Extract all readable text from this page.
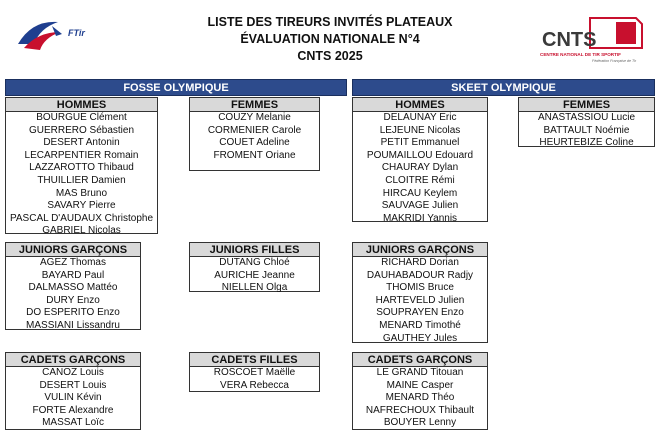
FTir	CNTS
CENTRE NATIONAL DE TIR SPORTIF
Fédération Française de Tir
LISTE DES TIREURS INVITÉS PLATEAUX
ÉVALUATION NATIONALE N°4
CNTS 2025
FOSSE OLYMPIQUE	SKEET OLYMPIQUE
HOMMES
BOURGUE Clément
GUERRERO Sébastien
DESERT Antonin
LECARPENTIER Romain
LAZZAROTTO Thibaud
THUILLIER Damien
MAS Bruno
SAVARY Pierre
PASCAL D'AUDAUX Christophe
GABRIEL Nicolas
FEMMES
COUZY Melanie
CORMENIER Carole
COUET Adeline
FROMENT Oriane
HOMMES
DELAUNAY Eric
LEJEUNE Nicolas
PETIT Emmanuel
POUMAILLOU Edouard
CHAURAY Dylan
CLOITRE Rémi
HIRCAU Keylem
SAUVAGE Julien
MAKRIDI Yannis
FEMMES
ANASTASSIOU Lucie
BATTAULT Noémie
HEURTEBIZE Coline
JUNIORS GARÇONS
AGEZ Thomas
BAYARD Paul
DALMASSO Mattéo
DURY Enzo
DO ESPERITO Enzo
MASSIANI Lissandru
JUNIORS FILLES
DUTANG Chloé
AURICHE Jeanne
NIELLEN Olga
JUNIORS GARÇONS
RICHARD Dorian
DAUHABADOUR Radjy
THOMIS Bruce
HARTEVELD Julien
SOUPRAYEN Enzo
MENARD Timothé
GAUTHEY Jules
CADETS GARÇONS
CANOZ Louis
DESERT Louis
VULIN Kévin
FORTE Alexandre
MASSAT Loïc
CADETS FILLES
ROSCOET Maëlle
VERA Rebecca
CADETS GARÇONS
LE GRAND Titouan
MAINE Casper
MENARD Théo
NAFRECHOUX Thibault
BOUYER Lenny
